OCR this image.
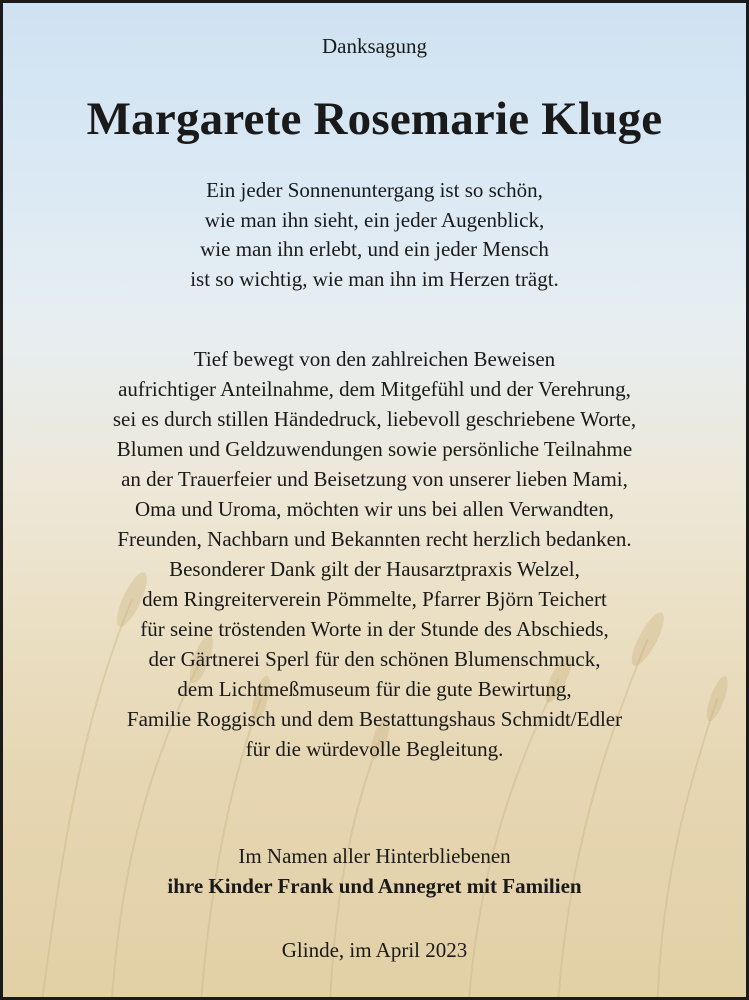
Danksagung
Margarete Rosemarie Kluge
Ein jeder Sonnenuntergang ist so schön,
wie man ihn sieht, ein jeder Augenblick,
wie man ihn erlebt, und ein jeder Mensch
ist so wichtig, wie man ihn im Herzen trägt.
Tief bewegt von den zahlreichen Beweisen
aufrichtiger Anteilnahme, dem Mitgefühl und der Verehrung,
sei es durch stillen Händedruck, liebevoll geschriebene Worte,
Blumen und Geldzuwendungen sowie persönliche Teilnahme
an der Trauerfeier und Beisetzung von unserer lieben Mami,
Oma und Uroma, möchten wir uns bei allen Verwandten,
Freunden, Nachbarn und Bekannten recht herzlich bedanken.
Besonderer Dank gilt der Hausarztpraxis Welzel,
dem Ringreiterverein Pömmelte, Pfarrer Björn Teichert
für seine tröstenden Worte in der Stunde des Abschieds,
der Gärtnerei Sperl für den schönen Blumenschmuck,
dem Lichtmeßmuseum für die gute Bewirtung,
Familie Roggisch und dem Bestattungshaus Schmidt/Edler
für die würdevolle Begleitung.
Im Namen aller Hinterbliebenen
ihre Kinder Frank und Annegret mit Familien
Glinde, im April 2023
